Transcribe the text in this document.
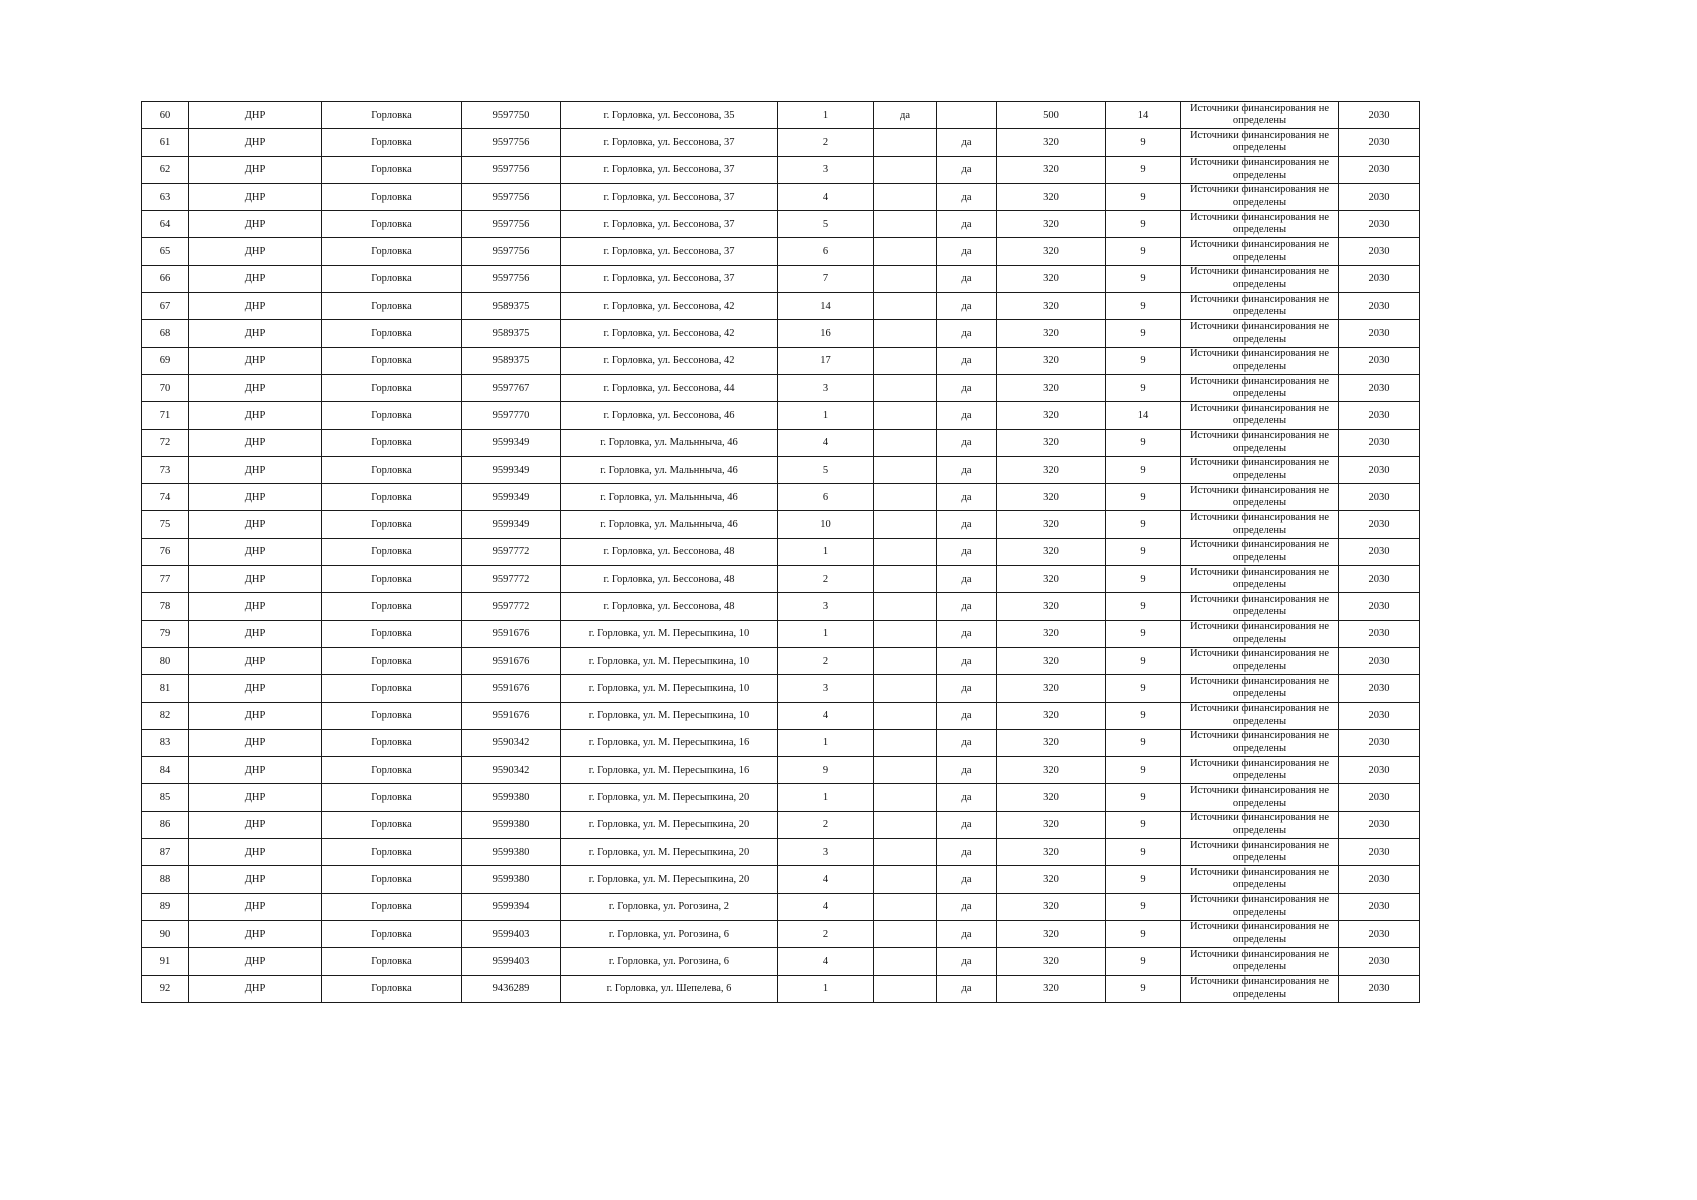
60	ДНР	Горловка	9597750	г. Горловка, ул. Бессонова, 35	1	да		500	14	Источники финансирования не определены	2030
61	ДНР	Горловка	9597756	г. Горловка, ул. Бессонова, 37	2		да	320	9	Источники финансирования не определены	2030
62	ДНР	Горловка	9597756	г. Горловка, ул. Бессонова, 37	3		да	320	9	Источники финансирования не определены	2030
63	ДНР	Горловка	9597756	г. Горловка, ул. Бессонова, 37	4		да	320	9	Источники финансирования не определены	2030
64	ДНР	Горловка	9597756	г. Горловка, ул. Бессонова, 37	5		да	320	9	Источники финансирования не определены	2030
65	ДНР	Горловка	9597756	г. Горловка, ул. Бессонова, 37	6		да	320	9	Источники финансирования не определены	2030
66	ДНР	Горловка	9597756	г. Горловка, ул. Бессонова, 37	7		да	320	9	Источники финансирования не определены	2030
67	ДНР	Горловка	9589375	г. Горловка, ул. Бессонова, 42	14		да	320	9	Источники финансирования не определены	2030
68	ДНР	Горловка	9589375	г. Горловка, ул. Бессонова, 42	16		да	320	9	Источники финансирования не определены	2030
69	ДНР	Горловка	9589375	г. Горловка, ул. Бессонова, 42	17		да	320	9	Источники финансирования не определены	2030
70	ДНР	Горловка	9597767	г. Горловка, ул. Бессонова, 44	3		да	320	9	Источники финансирования не определены	2030
71	ДНР	Горловка	9597770	г. Горловка, ул. Бессонова, 46	1		да	320	14	Источники финансирования не определены	2030
72	ДНР	Горловка	9599349	г. Горловка, ул. Мальнныча, 46	4		да	320	9	Источники финансирования не определены	2030
73	ДНР	Горловка	9599349	г. Горловка, ул. Мальнныча, 46	5		да	320	9	Источники финансирования не определены	2030
74	ДНР	Горловка	9599349	г. Горловка, ул. Мальнныча, 46	6		да	320	9	Источники финансирования не определены	2030
75	ДНР	Горловка	9599349	г. Горловка, ул. Мальнныча, 46	10		да	320	9	Источники финансирования не определены	2030
76	ДНР	Горловка	9597772	г. Горловка, ул. Бессонова, 48	1		да	320	9	Источники финансирования не определены	2030
77	ДНР	Горловка	9597772	г. Горловка, ул. Бессонова, 48	2		да	320	9	Источники финансирования не определены	2030
78	ДНР	Горловка	9597772	г. Горловка, ул. Бессонова, 48	3		да	320	9	Источники финансирования не определены	2030
79	ДНР	Горловка	9591676	г. Горловка, ул. М. Пересыпкина, 10	1		да	320	9	Источники финансирования не определены	2030
80	ДНР	Горловка	9591676	г. Горловка, ул. М. Пересыпкина, 10	2		да	320	9	Источники финансирования не определены	2030
81	ДНР	Горловка	9591676	г. Горловка, ул. М. Пересыпкина, 10	3		да	320	9	Источники финансирования не определены	2030
82	ДНР	Горловка	9591676	г. Горловка, ул. М. Пересыпкина, 10	4		да	320	9	Источники финансирования не определены	2030
83	ДНР	Горловка	9590342	г. Горловка, ул. М. Пересыпкина, 16	1		да	320	9	Источники финансирования не определены	2030
84	ДНР	Горловка	9590342	г. Горловка, ул. М. Пересыпкина, 16	9		да	320	9	Источники финансирования не определены	2030
85	ДНР	Горловка	9599380	г. Горловка, ул. М. Пересыпкина, 20	1		да	320	9	Источники финансирования не определены	2030
86	ДНР	Горловка	9599380	г. Горловка, ул. М. Пересыпкина, 20	2		да	320	9	Источники финансирования не определены	2030
87	ДНР	Горловка	9599380	г. Горловка, ул. М. Пересыпкина, 20	3		да	320	9	Источники финансирования не определены	2030
88	ДНР	Горловка	9599380	г. Горловка, ул. М. Пересыпкина, 20	4		да	320	9	Источники финансирования не определены	2030
89	ДНР	Горловка	9599394	г. Горловка, ул. Рогозина, 2	4		да	320	9	Источники финансирования не определены	2030
90	ДНР	Горловка	9599403	г. Горловка, ул. Рогозина, 6	2		да	320	9	Источники финансирования не определены	2030
91	ДНР	Горловка	9599403	г. Горловка, ул. Рогозина, 6	4		да	320	9	Источники финансирования не определены	2030
92	ДНР	Горловка	9436289	г. Горловка, ул. Шепелева, 6	1		да	320	9	Источники финансирования не определены	2030
